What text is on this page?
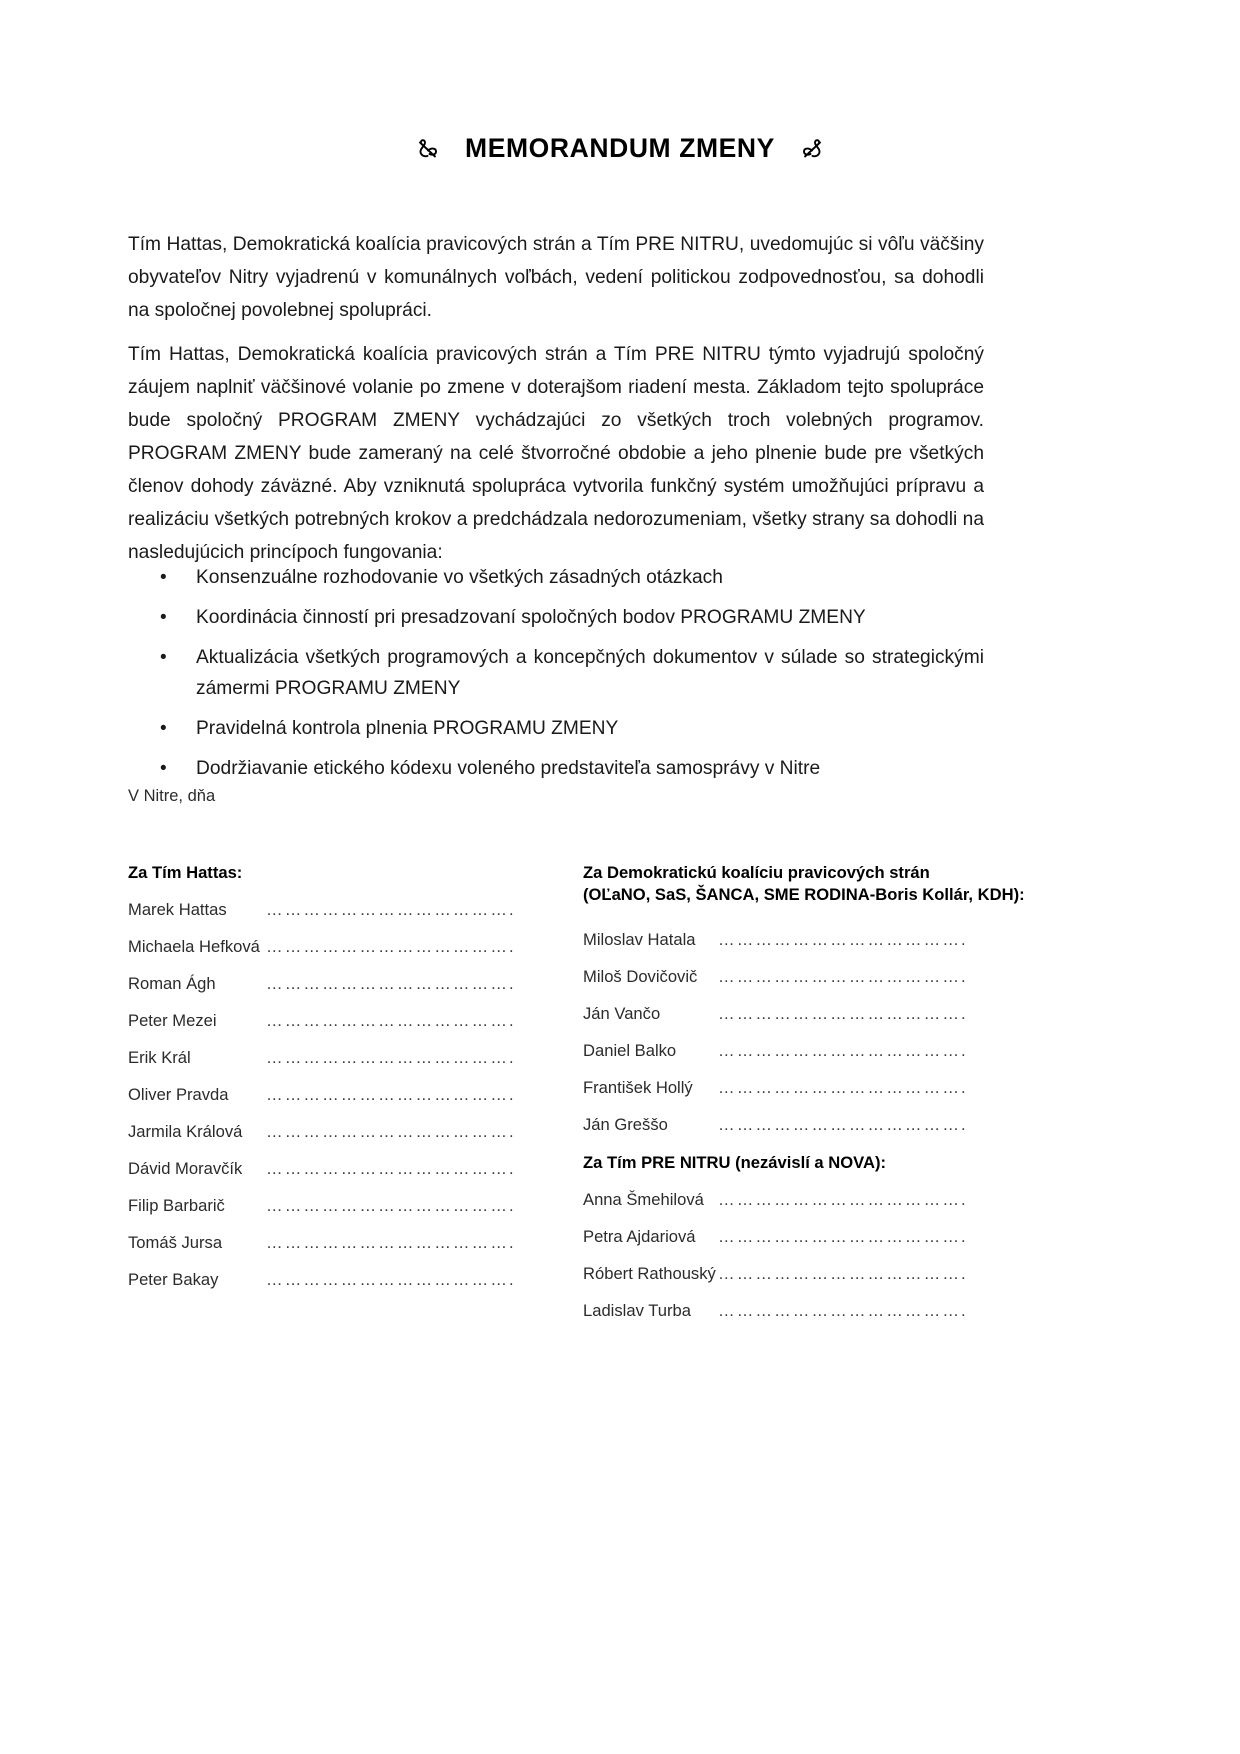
MEMORANDUM ZMENY

Tím Hattas, Demokratická koalícia pravicových strán a Tím PRE NITRU, uvedomujúc si vôľu väčšiny obyvateľov Nitry vyjadrenú v komunálnych voľbách, vedení politickou zodpovednosťou, sa dohodli na spoločnej povolebnej spolupráci.

Tím Hattas, Demokratická koalícia pravicových strán a Tím PRE NITRU týmto vyjadrujú spoločný záujem naplniť väčšinové volanie po zmene v doterajšom riadení mesta. Základom tejto spolupráce bude spoločný PROGRAM ZMENY vychádzajúci zo všetkých troch volebných programov. PROGRAM ZMENY bude zameraný na celé štvorročné obdobie a jeho plnenie bude pre všetkých členov dohody záväzné. Aby vzniknutá spolupráca vytvorila funkčný systém umožňujúci prípravu a realizáciu všetkých potrebných krokov a predchádzala nedorozumeniam, všetky strany sa dohodli na nasledujúcich princípoch fungovania:

• Konsenzuálne rozhodovanie vo všetkých zásadných otázkach
• Koordinácia činností pri presadzovaní spoločných bodov PROGRAMU ZMENY
• Aktualizácia všetkých programových a koncepčných dokumentov v súlade so strategickými zámermi PROGRAMU ZMENY
• Pravidelná kontrola plnenia PROGRAMU ZMENY
• Dodržiavanie etického kódexu voleného predstaviteľa samosprávy v Nitre
V Nitre, dňa
Za Tím Hattas:
Marek Hattas	………………………………….
Michaela Hefková ………………………………….
Roman Ágh	………………………………….
Peter Mezei	………………………………….
Erik Král	………………………………….
Oliver Pravda	………………………………….
Jarmila Králová	………………………………….
Dávid Moravčík	………………………………….
Filip Barbarič	………………………………….
Tomáš Jursa	………………………………….
Peter Bakay	………………………………….
Za Demokratickú koalíciu pravicových strán
(OĽaNO, SaS, ŠANCA, SME RODINA-Boris Kollár, KDH):
Miloslav Hatala	………………………………….
Miloš Dovičovič	………………………………….
Ján Vančo	………………………………….
Daniel Balko	………………………………….
František Hollý	………………………………….
Ján Greššo	………………………………….
Za Tím PRE NITRU (nezávislí a NOVA):
Anna Šmehilová ………………………………….
Petra Ajdariová	………………………………….
Róbert Rathouský ………………………………….
Ladislav Turba	………………………………….
